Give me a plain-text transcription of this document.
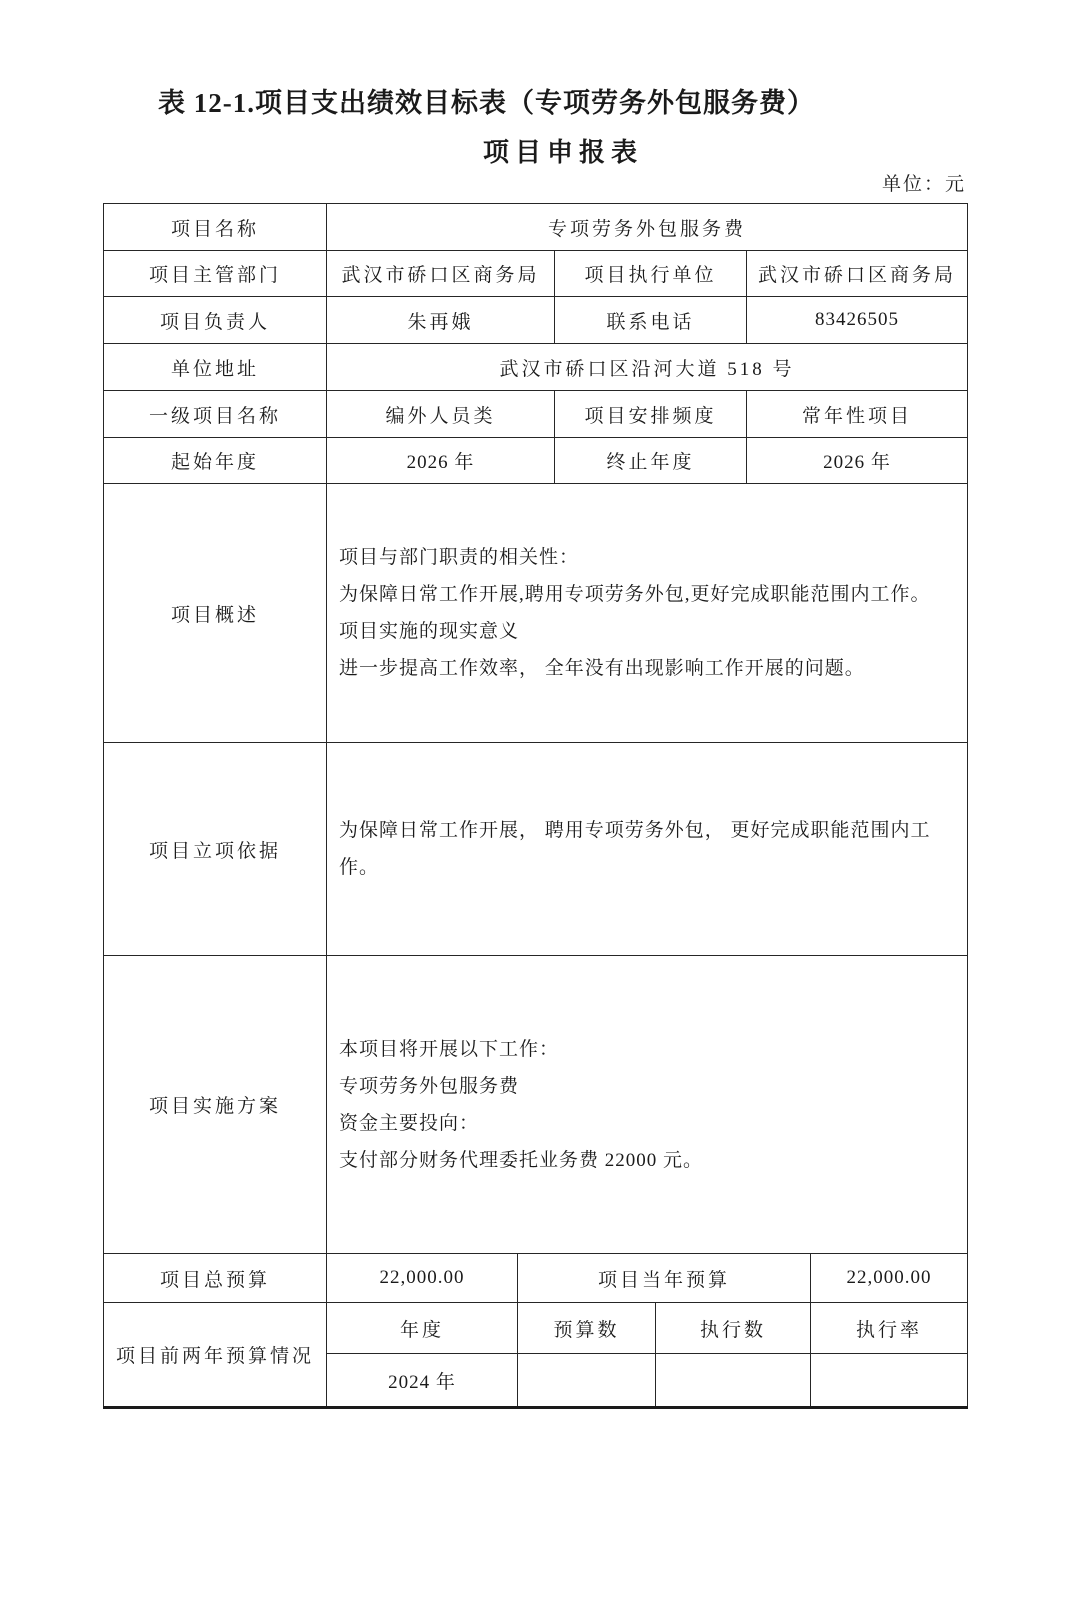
表 12-1.项目支出绩效目标表（专项劳务外包服务费）
项目申报表
单位：元
项目名称	专项劳务外包服务费					
项目主管部门	武汉市硚口区商务局		项目执行单位		武汉市硚口区商务局	
项目负责人	朱再娥		联系电话		83426505	
单位地址	武汉市硚口区沿河大道 518 号					
一级项目名称	编外人员类		项目安排频度		常年性项目	
起始年度	2026 年		终止年度		2026 年	
项目概述	项目与部门职责的相关性：
为保障日常工作开展,聘用专项劳务外包,更好完成职能范围内工作。
项目实施的现实意义
进一步提高工作效率， 全年没有出现影响工作开展的问题。					

项目立项依据	为保障日常工作开展， 聘用专项劳务外包， 更好完成职能范围内工作。					
项目实施方案	本项目将开展以下工作：
专项劳务外包服务费
资金主要投向：
支付部分财务代理委托业务费 22000 元。					

项目总预算	22,000.00	项目当年预算				22,000.00
项目前两年预算情况	年度	预算数		执行数		执行率
	2024 年					
